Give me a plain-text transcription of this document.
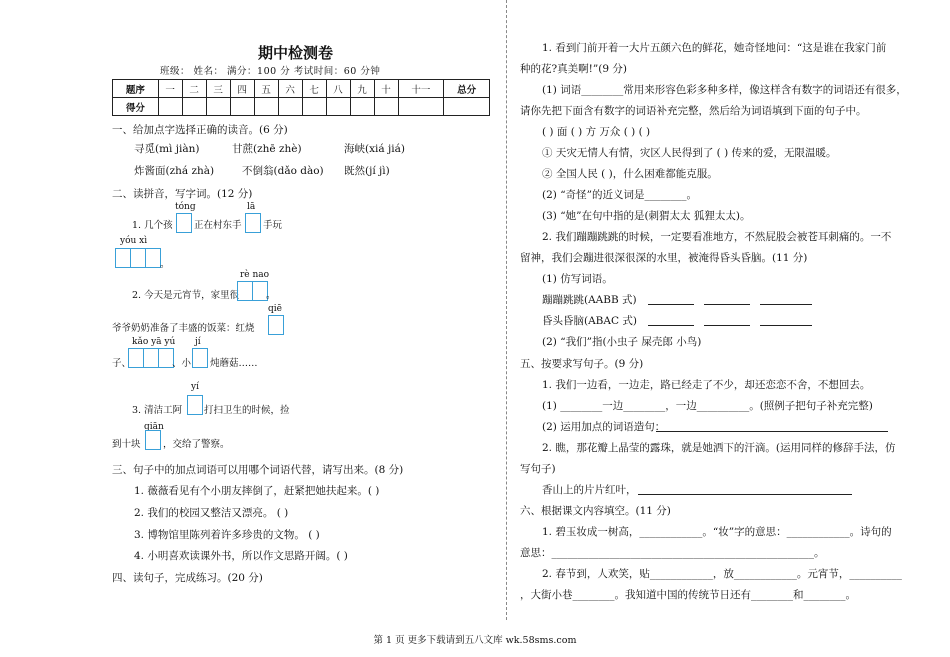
期中检测卷
班级： 姓名： 满分：100 分 考试时间：60 分钟
题序	一	二	三	四	五	六	七	八	九	十	十一	总分
得分												
一、给加点字选择正确的读音。(6 分)
寻觅(mì jiàn)	甘蔗(zhē zhè)	海峡(xiá jiá)
炸酱面(zhá zhà)	不倒翁(dǎo dào) 既然(jí jì)
二、读拼音，写字词。(12 分)
tóng	lā
1. 几个孩 正在村东手 手玩
yóu xì
。
rè nao
2. 今天是元宵节，家里很	。
qiē
爷爷奶奶准备了丰盛的饭菜：红烧
kǎo yā yú jí
子、	、小 炖蘑菇……
yí
3. 清洁工阿 打扫卫生的时候，捡
qiān
到十块 ，交给了警察。
三、句子中的加点词语可以用哪个词语代替，请写出来。(8 分)
1. 薇薇看见有个小朋友摔倒了，赶紧把她扶起来。( )
2. 我们的校园又整洁又漂亮。 ( )
3. 博物馆里陈列着许多珍贵的文物。 ( )
4. 小明喜欢读课外书，所以作文思路开阔。( )
四、读句子，完成练习。(20 分)
1. 看到门前开着一大片五颜六色的鲜花，她奇怪地问：“这是谁在我家门前
种的花?真美啊!”(9 分)
(1) 词语________常用来形容色彩多种多样，像这样含有数字的词语还有很多，
请你先把下面含有数字的词语补充完整，然后给为词语填到下面的句子中。
( ) 面 ( ) 方 万众 ( ) ( )
① 天灾无情人有情，灾区人民得到了 ( ) 传来的爱，无限温暖。
② 全国人民 ( )，什么困难都能克服。
(2) “奇怪”的近义词是________。
(3) “她”在句中指的是(刺猬太太 狐狸太太)。
2. 我们蹦蹦跳跳的时候，一定要看准地方，不然屁股会被苍耳刺痛的。一不
留神，我们会蹦进很深很深的水里，被淹得昏头昏脑。(11 分)
(1) 仿写词语。
蹦蹦跳跳(AABB 式)
昏头昏脑(ABAC 式)
(2) “我们”指(小虫子 屎壳郎 小鸟)
五、按要求写句子。(9 分)
1. 我们一边看，一边走，路已经走了不少，却还恋恋不舍，不想回去。
(1) ________一边________，一边__________。(照例子把句子补充完整)
(2) 运用加点的词语造句：
2. 瞧，那花瓣上晶莹的露珠，就是她洒下的汗滴。(运用同样的修辞手法，仿
写句子)
香山上的片片红叶，
六、根据课文内容填空。(11 分)
1. 碧玉妆成一树高，____________。“妆”字的意思：____________。诗句的
意思：__________________________________________________。
2. 春节到，人欢笑，贴____________，放____________。元宵节，__________
，大街小巷________。我知道中国的传统节日还有________和________。
第 1 页 更多下载请到五八文库 wk.58sms.com
